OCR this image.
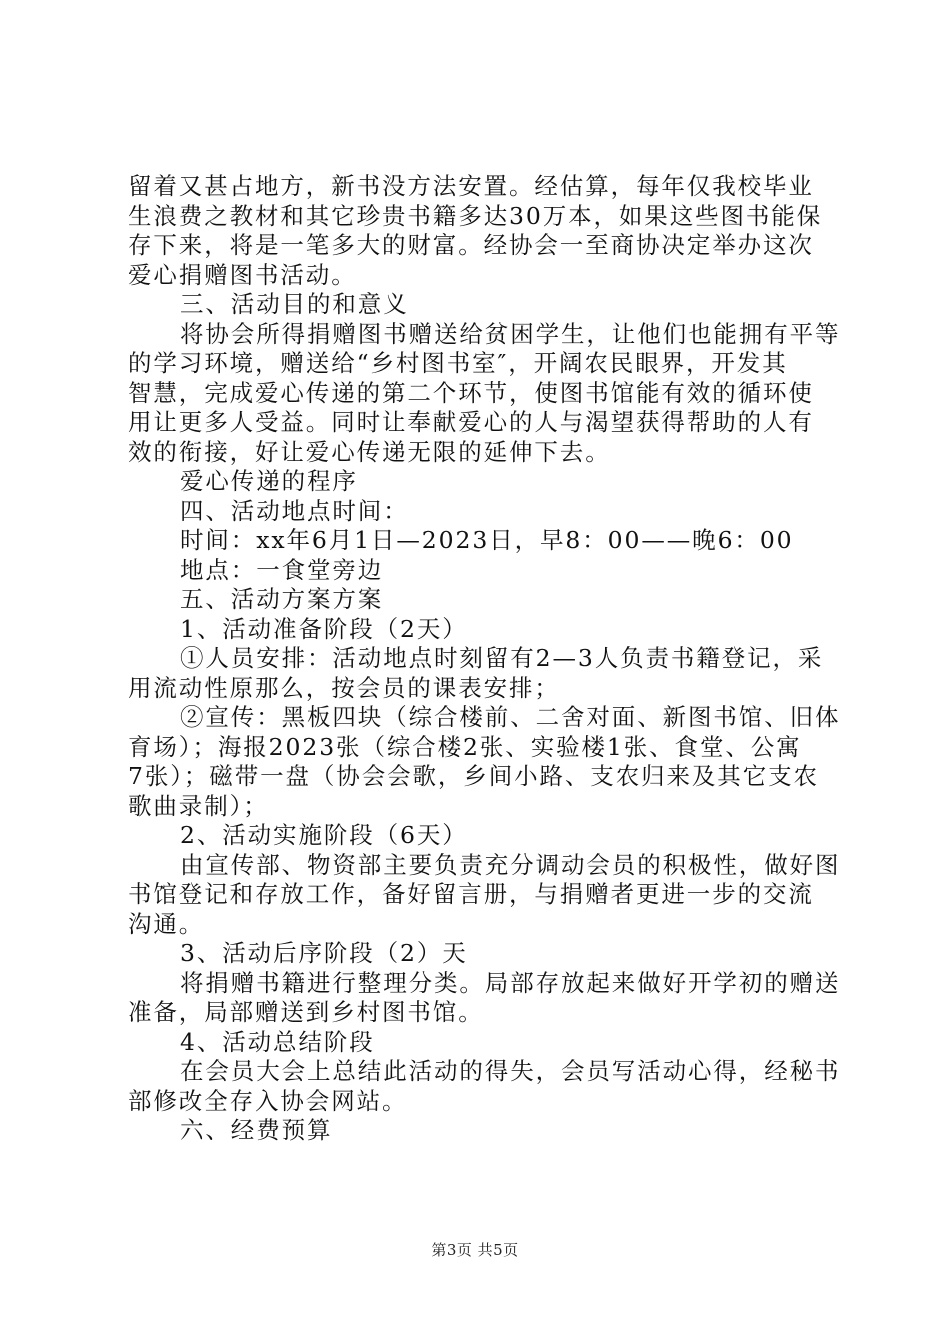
留着又甚占地方，新书没方法安置。经估算，每年仅我校毕业
生浪费之教材和其它珍贵书籍多达30万本，如果这些图书能保
存下来，将是一笔多大的财富。经协会一至商协决定举办这次
爱心捐赠图书活动。
三、活动目的和意义
将协会所得捐赠图书赠送给贫困学生，让他们也能拥有平等
的学习环境，赠送给“乡村图书室″，开阔农民眼界，开发其
智慧，完成爱心传递的第二个环节，使图书馆能有效的循环使
用让更多人受益。同时让奉献爱心的人与渴望获得帮助的人有
效的衔接，好让爱心传递无限的延伸下去。
爱心传递的程序
四、活动地点时间：
时间：xx年6月1日—2023日，早8：00——晚6：00
地点：一食堂旁边
五、活动方案方案
1、活动准备阶段（2天）
①人员安排：活动地点时刻留有2—3人负责书籍登记，采
用流动性原那么，按会员的课表安排；
②宣传：黑板四块（综合楼前、二舍对面、新图书馆、旧体
育场）；海报2023张（综合楼2张、实验楼1张、食堂、公寓
7张）；磁带一盘（协会会歌，乡间小路、支农归来及其它支农
歌曲录制）；
2、活动实施阶段（6天）
由宣传部、物资部主要负责充分调动会员的积极性，做好图
书馆登记和存放工作，备好留言册，与捐赠者更进一步的交流
沟通。
3、活动后序阶段（2）天
将捐赠书籍进行整理分类。局部存放起来做好开学初的赠送
准备，局部赠送到乡村图书馆。
4、活动总结阶段
在会员大会上总结此活动的得失，会员写活动心得，经秘书
部修改全存入协会网站。
六、经费预算
第3页 共5页
